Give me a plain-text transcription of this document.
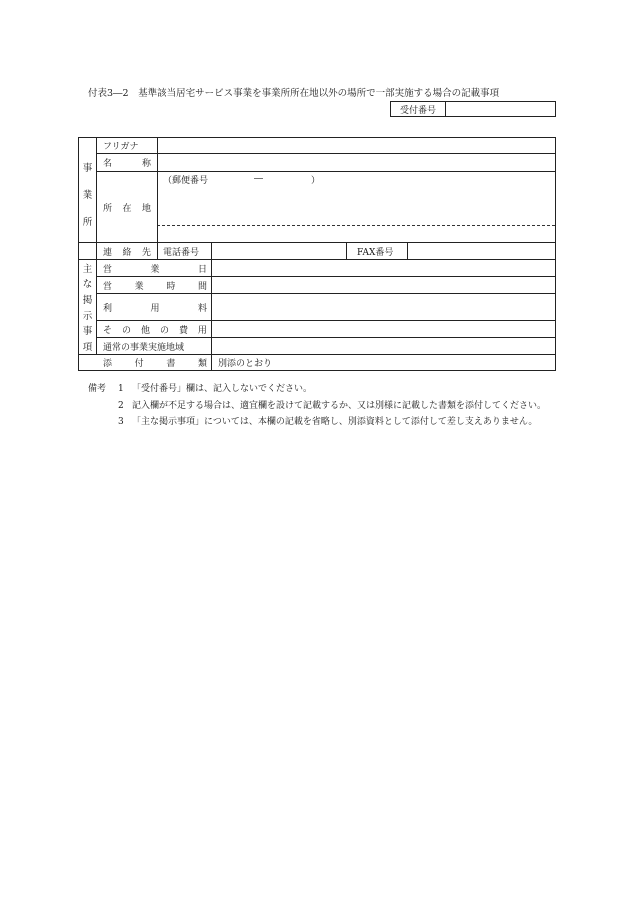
付表3―2　基準該当居宅サービス事業を事業所所在地以外の場所で一部実施する場合の記載事項
受付番号
事
業
所
フリガナ
名	称
所 在 地
（郵便番号	―	）
連 絡 先 電話番号	FAX番号
主
な
掲
示
事
項
営	業	日
営	業	時	間
利	用	料
そ の 他 の 費 用
通常の事業実施地域
添	付	書	類 別添のとおり
備考	1 「受付番号」欄は、記入しないでください。
2 記入欄が不足する場合は、適宜欄を設けて記載するか、又は別様に記載した書類を添付してください。
3 「主な掲示事項」については、本欄の記載を省略し、別添資料として添付して差し支えありません。
